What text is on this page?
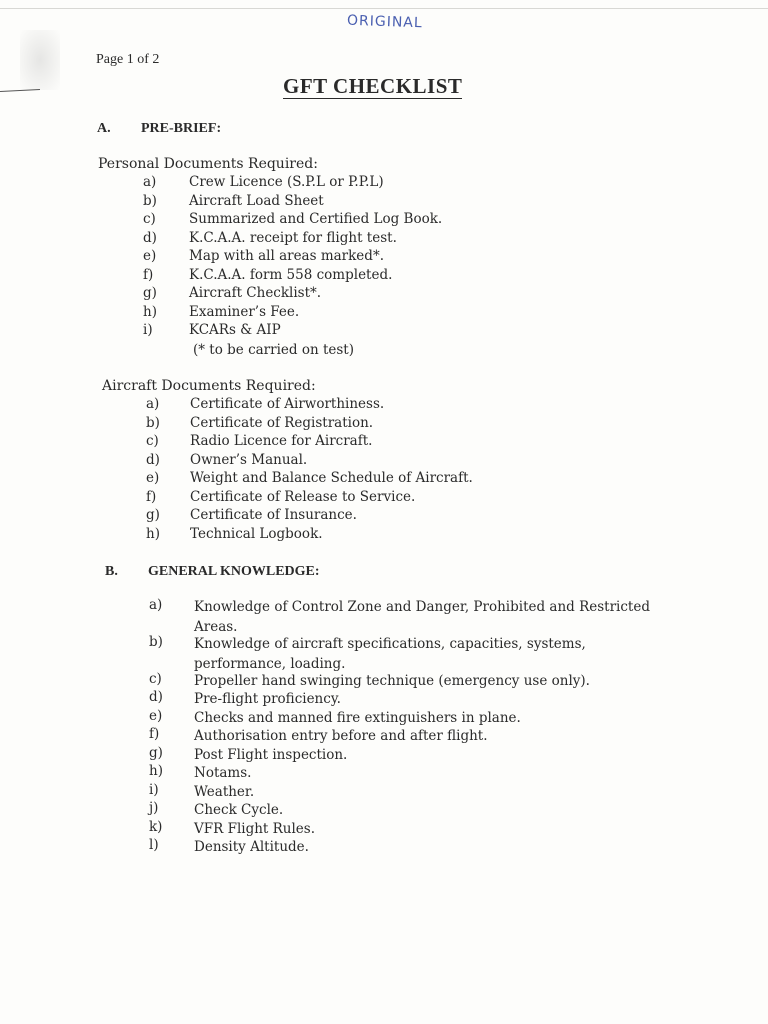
ORIGINAL
Page 1 of 2
GFT CHECKLIST
A. PRE-BRIEF:
Personal Documents Required:
a) Crew Licence (S.P.L or P.P.L)
b) Aircraft Load Sheet
c) Summarized and Certified Log Book.
d) K.C.A.A. receipt for flight test.
e) Map with all areas marked*.
f)	K.C.A.A. form 558 completed.
g) Aircraft Checklist*.
h) Examiner’s Fee.
i)	KCARs & AIP
(* to be carried on test)
Aircraft Documents Required:
a) Certificate of Airworthiness.
b) Certificate of Registration.
c) Radio Licence for Aircraft.
d) Owner’s Manual.
e) Weight and Balance Schedule of Aircraft.
f) Certificate of Release to Service.
g) Certificate of Insurance.
h) Technical Logbook.
B. GENERAL KNOWLEDGE:
a) Knowledge of Control Zone and Danger, Prohibited and Restricted Areas.
b) Knowledge of aircraft specifications, capacities, systems, performance, loading.
c) Propeller hand swinging technique (emergency use only).
d) Pre-flight proficiency.
e) Checks and manned fire extinguishers in plane.
f)	Authorisation entry before and after flight.
g) Post Flight inspection.
h) Notams.
i)	Weather.
j)	Check Cycle.
k) VFR Flight Rules.
l)	Density Altitude.
